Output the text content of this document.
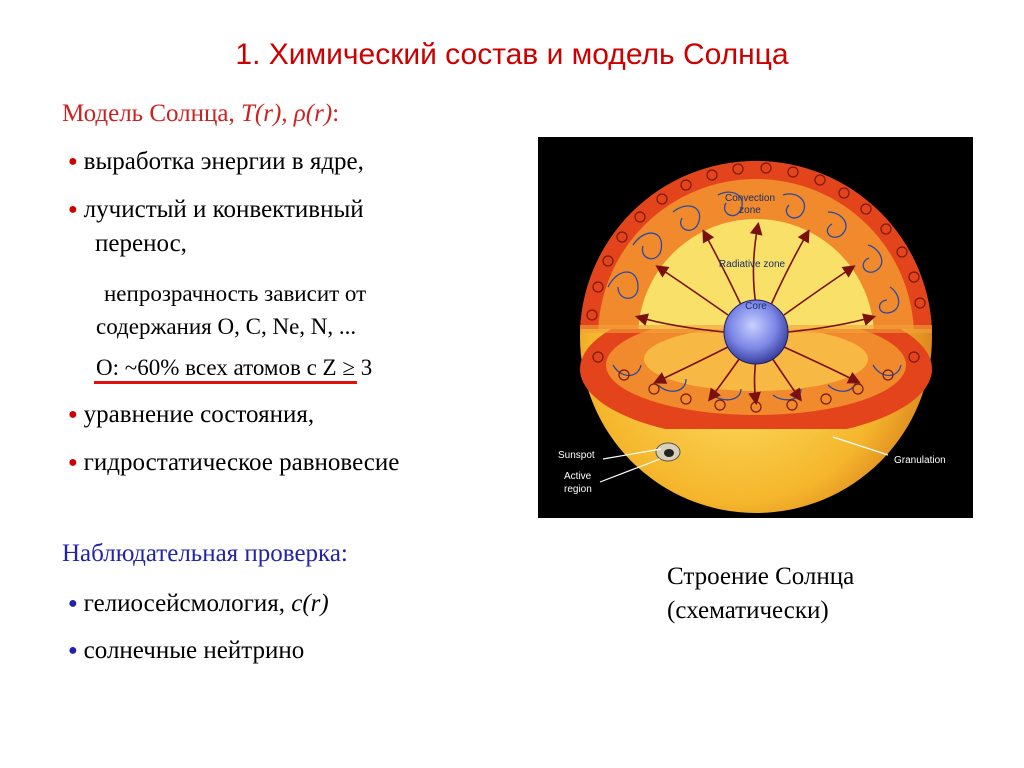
1. Химический состав и модель Солнца
Модель Солнца, T(r), ρ(r):
● выработка энергии в ядре,
● лучистый и конвективный
перенос,
непрозрачность зависит от
содержания O, C, Ne, N, ...
O: ~60% всех атомов c Z ≥ 3
● уравнение состояния,
● гидростатическое равновесие
Наблюдательная проверка:
● гелиосейсмология, c(r)
● солнечные нейтрино
Convection
zone
Radiative zone
Core
Sunspot
Active
region
Granulation
Строение Солнца
(схематически)
